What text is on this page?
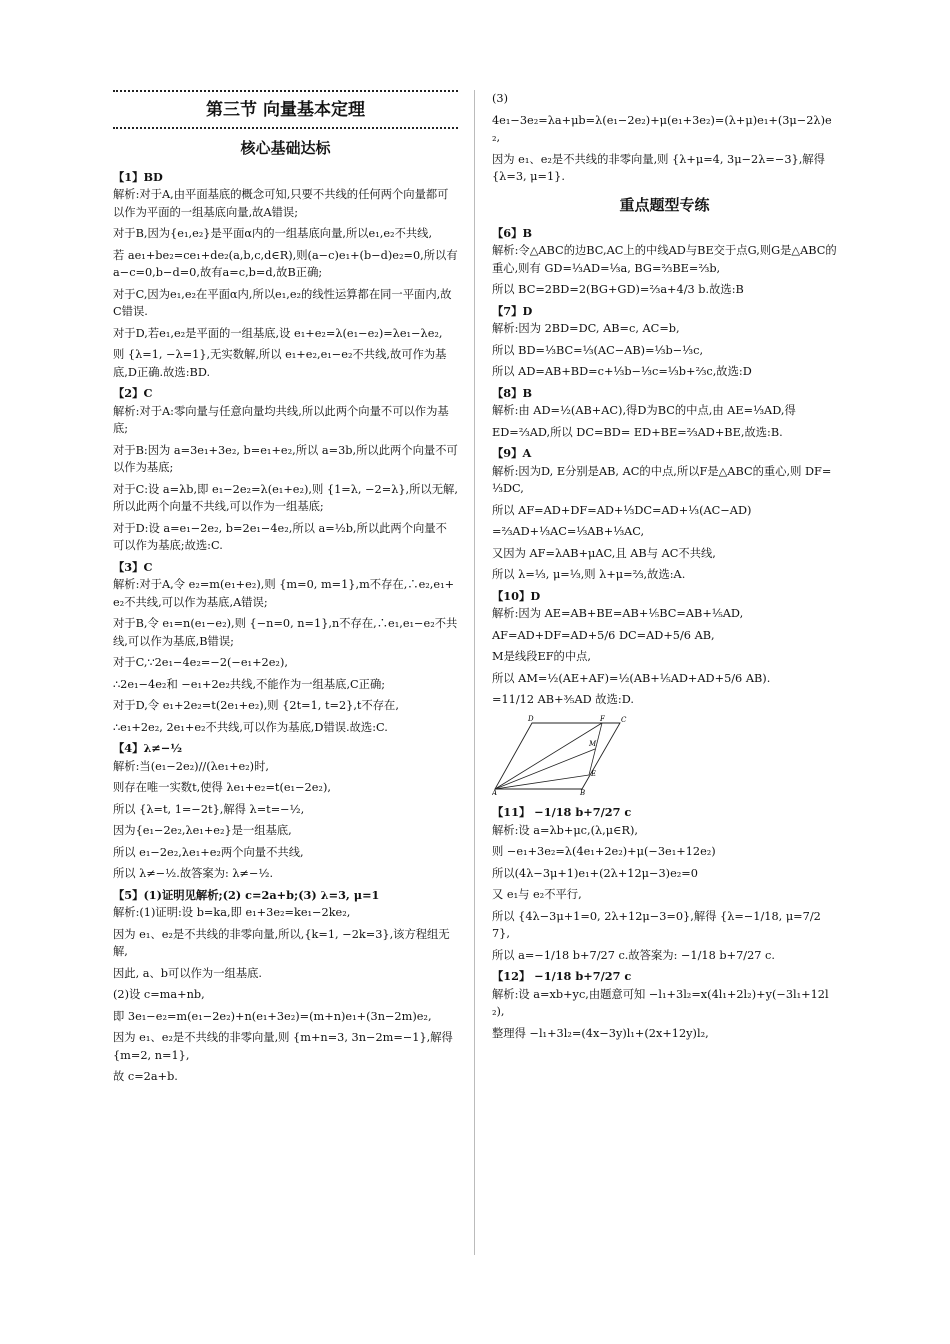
第三节 向量基本定理
核心基础达标
【1】BD
解析:对于A,由平面基底的概念可知,只要不共线的任何两个向量都可以作为平面的一组基底向量,故A错误;
对于B,因为{e₁,e₂}是平面α内的一组基底向量,所以e₁,e₂不共线,
若 ae₁+be₂=ce₁+de₂(a,b,c,d∈R),则(a−c)e₁+(b−d)e₂=0,所以有 a−c=0,b−d=0,故有a=c,b=d,故B正确;
对于C,因为e₁,e₂在平面α内,所以e₁,e₂的线性运算都在同一平面内,故C错误.
对于D,若e₁,e₂是平面的一组基底,设 e₁+e₂=λ(e₁−e₂)=λe₁−λe₂,
则 {λ=1, −λ=1},无实数解,所以 e₁+e₂,e₁−e₂不共线,故可作为基底,D正确.故选:BD.
【2】C
解析:对于A:零向量与任意向量均共线,所以此两个向量不可以作为基底;
对于B:因为 a=3e₁+3e₂, b=e₁+e₂,所以 a=3b,所以此两个向量不可以作为基底;
对于C:设 a=λb,即 e₁−2e₂=λ(e₁+e₂),则 {1=λ, −2=λ},所以无解,所以此两个向量不共线,可以作为一组基底;
对于D:设 a=e₁−2e₂, b=2e₁−4e₂,所以 a=½b,所以此两个向量不可以作为基底;故选:C.
【3】C
解析:对于A,令 e₂=m(e₁+e₂),则 {m=0, m=1},m不存在,∴e₂,e₁+e₂不共线,可以作为基底,A错误;
对于B,令 e₁=n(e₁−e₂),则 {−n=0, n=1},n不存在,∴e₁,e₁−e₂不共线,可以作为基底,B错误;
对于C,∵2e₁−4e₂=−2(−e₁+2e₂),
∴2e₁−4e₂和 −e₁+2e₂共线,不能作为一组基底,C正确;
对于D,令 e₁+2e₂=t(2e₁+e₂),则 {2t=1, t=2},t不存在,
∴e₁+2e₂, 2e₁+e₂不共线,可以作为基底,D错误.故选:C.
【4】λ≠−½
解析:当(e₁−2e₂)//(λe₁+e₂)时,
则存在唯一实数t,使得 λe₁+e₂=t(e₁−2e₂),
所以 {λ=t, 1=−2t},解得 λ=t=−½,
因为{e₁−2e₂,λe₁+e₂}是一组基底,
所以 e₁−2e₂,λe₁+e₂两个向量不共线,
所以 λ≠−½.故答案为: λ≠−½.
【5】(1)证明见解析;(2) c=2a+b;(3) λ=3, μ=1
解析:(1)证明:设 b=ka,即 e₁+3e₂=ke₁−2ke₂,
因为 e₁、e₂是不共线的非零向量,所以,{k=1, −2k=3},该方程组无解,
因此, a、b可以作为一组基底.
(2)设 c=ma+nb,
即 3e₁−e₂=m(e₁−2e₂)+n(e₁+3e₂)=(m+n)e₁+(3n−2m)e₂,
因为 e₁、e₂是不共线的非零向量,则 {m+n=3, 3n−2m=−1},解得 {m=2, n=1},
故 c=2a+b.
(3)
4e₁−3e₂=λa+μb=λ(e₁−2e₂)+μ(e₁+3e₂)=(λ+μ)e₁+(3μ−2λ)e₂,
因为 e₁、e₂是不共线的非零向量,则 {λ+μ=4, 3μ−2λ=−3},解得 {λ=3, μ=1}.
重点题型专练
【6】B
解析:令△ABC的边BC,AC上的中线AD与BE交于点G,则G是△ABC的重心,则有 GD=⅓AD=⅓a, BG=⅔BE=⅔b,
所以 BC=2BD=2(BG+GD)=⅔a+4/3 b.故选:B
【7】D
解析:因为 2BD=DC, AB=c, AC=b,
所以 BD=⅓BC=⅓(AC−AB)=⅓b−⅓c,
所以 AD=AB+BD=c+⅓b−⅓c=⅓b+⅔c,故选:D
【8】B
解析:由 AD=½(AB+AC),得D为BC的中点,由 AE=⅓AD,得
ED=⅔AD,所以 DC=BD= ED+BE=⅔AD+BE,故选:B.
【9】A
解析:因为D, E分别是AB, AC的中点,所以F是△ABC的重心,则 DF=⅓DC,
所以 AF=AD+DF=AD+⅓DC=AD+⅓(AC−AD)
=⅔AD+⅓AC=⅓AB+⅓AC,
又因为 AF=λAB+μAC,且 AB与 AC不共线,
所以 λ=⅓, μ=⅓,则 λ+μ=⅔,故选:A.
【10】D
解析:因为 AE=AB+BE=AB+⅕BC=AB+⅕AD,
AF=AD+DF=AD+5/6 DC=AD+5/6 AB,
M是线段EF的中点,
所以 AM=½(AE+AF)=½(AB+⅕AD+AD+5/6 AB).
=11/12 AB+⅗AD 故选:D.
D	F C
M
E
A	B
【11】 −1/18 b+7/27 c
解析:设 a=λb+μc,(λ,μ∈R),
则 −e₁+3e₂=λ(4e₁+2e₂)+μ(−3e₁+12e₂)
所以(4λ−3μ+1)e₁+(2λ+12μ−3)e₂=0
又 e₁与 e₂不平行,
所以 {4λ−3μ+1=0, 2λ+12μ−3=0},解得 {λ=−1/18, μ=7/27},
所以 a=−1/18 b+7/27 c.故答案为: −1/18 b+7/27 c.
【12】 −1/18 b+7/27 c
解析:设 a=xb+yc,由题意可知 −l₁+3l₂=x(4l₁+2l₂)+y(−3l₁+12l₂),
整理得 −l₁+3l₂=(4x−3y)l₁+(2x+12y)l₂,
